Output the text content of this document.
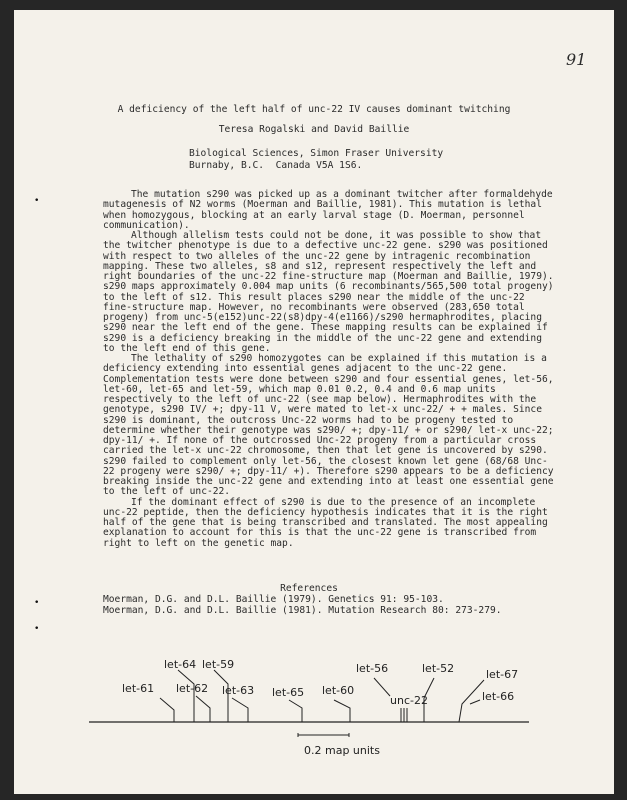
91
A deficiency of the left half of unc-22 IV causes dominant twitching
Teresa Rogalski and David Baillie
Biological Sciences, Simon Fraser University
Burnaby, B.C.  Canada V5A 1S6.

The mutation s290 was picked up as a dominant twitcher after formaldehyde mutagenesis of N2 worms (Moerman and Baillie, 1981). This mutation is lethal when homozygous, blocking at an early larval stage (D. Moerman, personnel communication).

Although allelism tests could not be done, it was possible to show that the twitcher phenotype is due to a defective unc-22 gene. s290 was positioned with respect to two alleles of the unc-22 gene by intragenic recombination mapping. These two alleles, s8 and s12, represent respectively the left and right boundaries of the unc-22 fine-structure map (Moerman and Baillie, 1979). s290 maps approximately 0.004 map units (6 recombinants/565,500 total progeny) to the left of s12. This result places s290 near the middle of the unc-22 fine-structure map. However, no recombinants were observed (283,650 total progeny) from unc-5(e152)unc-22(s8)dpy-4(e1166)/s290 hermaphrodites, placing s290 near the left end of the gene. These mapping results can be explained if s290 is a deficiency breaking in the middle of the unc-22 gene and extending to the left end of this gene.

The lethality of s290 homozygotes can be explained if this mutation is a deficiency extending into essential genes adjacent to the unc-22 gene. Complementation tests were done between s290 and four essential genes, let-56, let-60, let-65 and let-59, which map 0.01 0.2, 0.4 and 0.6 map units respectively to the left of unc-22 (see map below). Hermaphrodites with the genotype, s290 IV/ +; dpy-11 V, were mated to let-x unc-22/ + + males. Since s290 is dominant, the outcross Unc-22 worms had to be progeny tested to determine whether their genotype was s290/ +; dpy-11/ + or s290/ let-x unc-22; dpy-11/ +. If none of the outcrossed Unc-22 progeny from a particular cross carried the let-x unc-22 chromosome, then that let gene is uncovered by s290. s290 failed to complement only let-56, the closest known let gene (68/68 Unc-22 progeny were s290/ +; dpy-11/ +). Therefore s290 appears to be a deficiency breaking inside the unc-22 gene and extending into at least one essential gene to the left of unc-22.

If the dominant effect of s290 is due to the presence of an incomplete unc-22 peptide, then the deficiency hypothesis indicates that it is the right half of the gene that is being transcribed and translated. The most appealing explanation to account for this is that the unc-22 gene is transcribed from right to left on the genetic map.

References
Moerman, D.G. and D.L. Baillie (1979). Genetics 91: 95-103.
Moerman, D.G. and D.L. Baillie (1981). Mutation Research 80: 273-279.
•
•
•
let-61
let-64
let-62
let-59
let-63 let-65 let-60
let-56
unc-22
let-52	let-67
let-66
0.2 map units
